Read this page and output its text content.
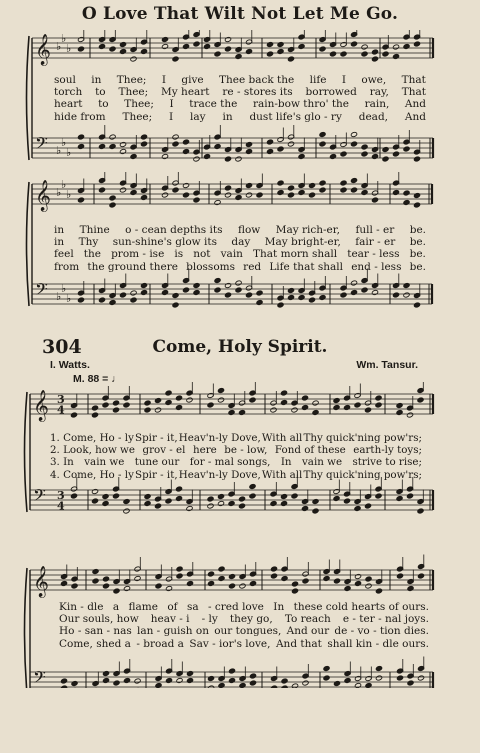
O Love That Wilt Not Let Me Go.
𝄞 ♭
♭
♭
𝄢 ♭
♭
♭
soul in Thee; I give Thee back the life I owe, That
torch to Thee; My heart re - stores its borrowed ray, That
heart to Thee; I trace the rain-bow thro' the rain, And
hide from Thee; I lay in dust life's glo - ry dead, And
𝄞 ♭
♭
♭
𝄢 ♭
♭
♭
in Thine o - cean depths its flow May rich-er, full - er be.
in Thy sun-shine's glow its day May bright-er, fair - er be.
feel the prom - ise is not vain That morn shall tear - less be.
from the ground there blossoms red Life that shall end - less be.
304	Come, Holy Spirit.
I. Watts.	Wm. Tansur.
M. 88 = ♩
𝄞 3
4
𝄢 3
4
1. Come, Ho - ly Spir - it, Heav'n-ly Dove, With all Thy quick'ning pow'rs;
2. Look, how we grov - el here be - low, Fond of these earth-ly toys;
3. In vain we tune our for - mal songs, In vain we strive to rise;
4. Come, Ho - ly Spir - it, Heav'n-ly Dove, With all Thy quick'ning pow'rs;
𝄞
𝄢
Kin - dle a flame of sa - cred love In these cold hearts of ours.
Our souls, how heav - i - ly they go, To reach e - ter - nal joys.
Ho - san - nas lan - guish on our tongues, And our de - vo - tion dies.
Come, shed a - broad a Sav - ior's love, And that shall kin - dle ours.
